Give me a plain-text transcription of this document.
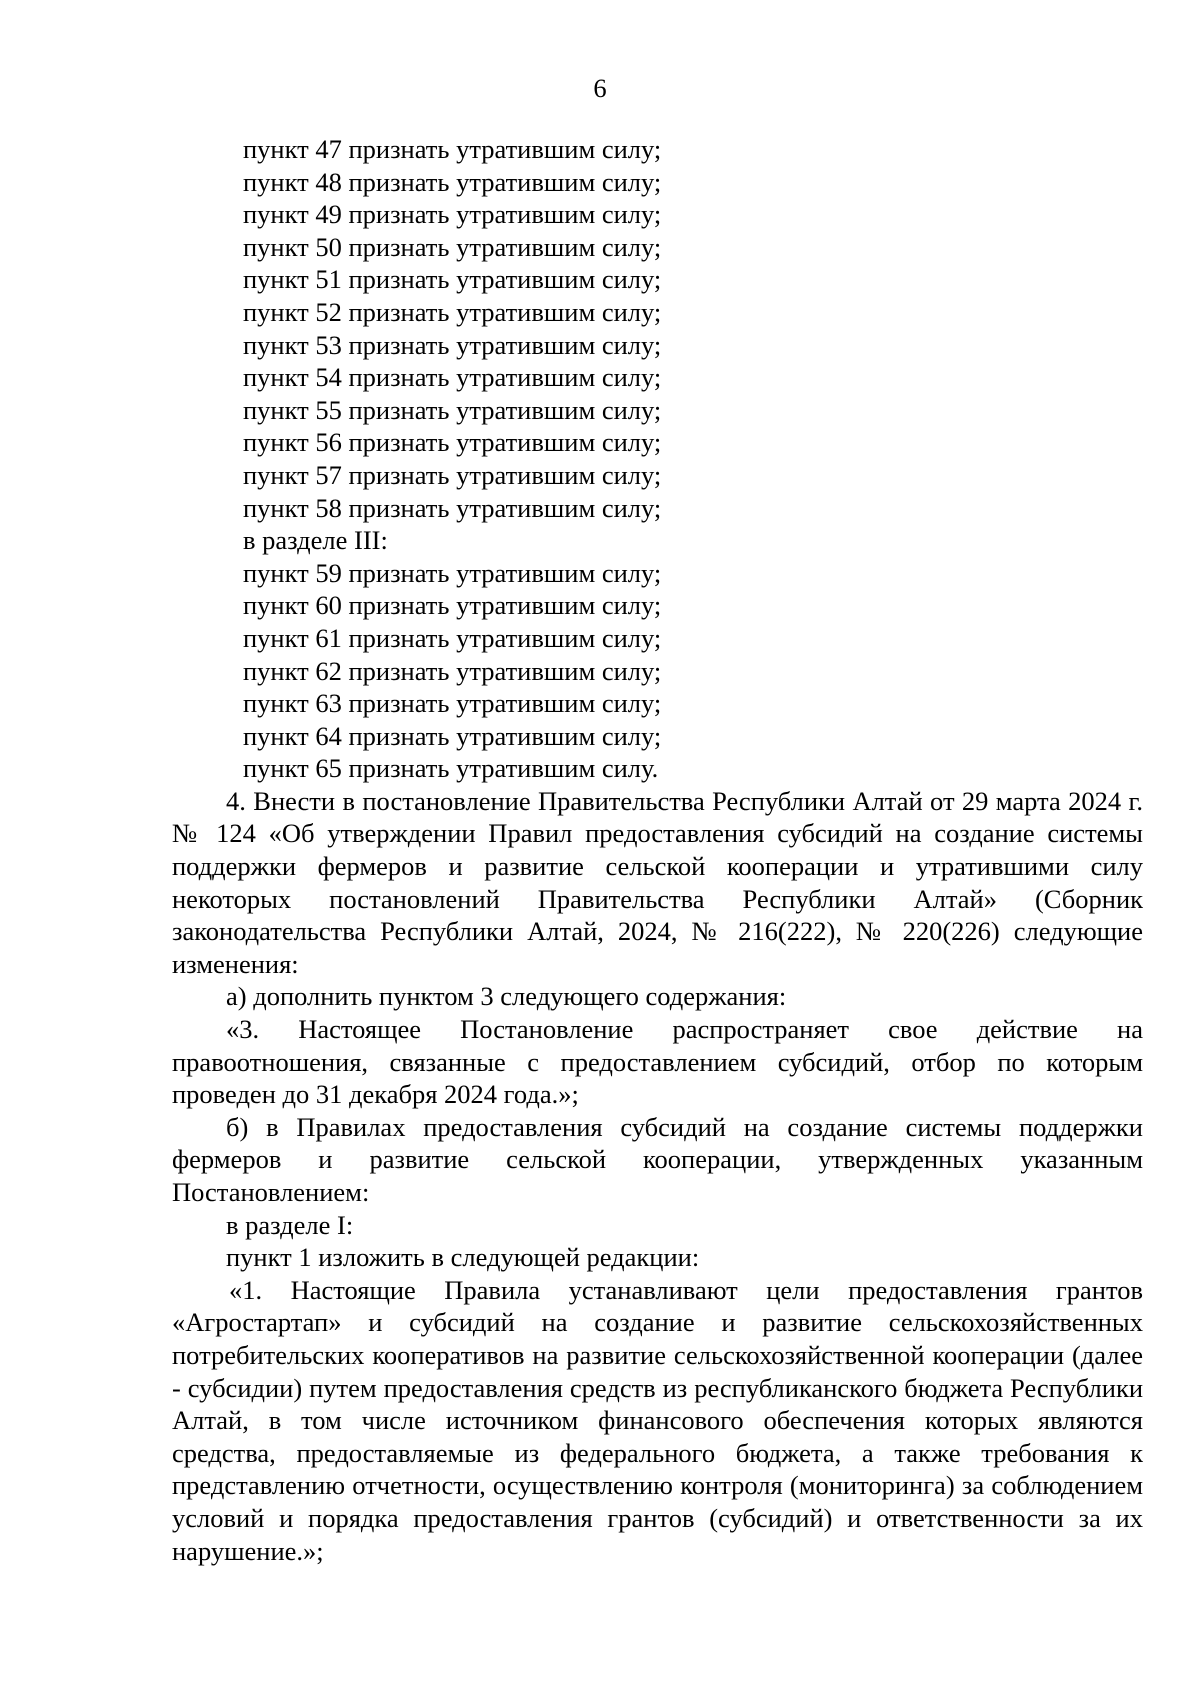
6

пункт 47 признать утратившим силу;

пункт 48 признать утратившим силу;

пункт 49 признать утратившим силу;

пункт 50 признать утратившим силу;

пункт 51 признать утратившим силу;

пункт 52 признать утратившим силу;

пункт 53 признать утратившим силу;

пункт 54 признать утратившим силу;

пункт 55 признать утратившим силу;

пункт 56 признать утратившим силу;

пункт 57 признать утратившим силу;

пункт 58 признать утратившим силу;

в разделе III:

пункт 59 признать утратившим силу;

пункт 60 признать утратившим силу;

пункт 61 признать утратившим силу;

пункт 62 признать утратившим силу;

пункт 63 признать утратившим силу;

пункт 64 признать утратившим силу;

пункт 65 признать утратившим силу.

4. Внести в постановление Правительства Республики Алтай от 29 марта 2024 г. № 124 «Об утверждении Правил предоставления субсидий на создание системы поддержки фермеров и развитие сельской кооперации и утратившими силу некоторых постановлений Правительства Республики Алтай» (Сборник законодательства Республики Алтай, 2024, № 216(222), № 220(226) следующие изменения:

а) дополнить пунктом 3 следующего содержания:

«3. Настоящее Постановление распространяет свое действие на правоотношения, связанные с предоставлением субсидий, отбор по которым проведен до 31 декабря 2024 года.»;

б) в Правилах предоставления субсидий на создание системы поддержки фермеров и развитие сельской кооперации, утвержденных указанным Постановлением:

в разделе I:

пункт 1 изложить в следующей редакции:

«1. Настоящие Правила устанавливают цели предоставления грантов «Агростартап» и субсидий на создание и развитие сельскохозяйственных потребительских кооперативов на развитие сельскохозяйственной кооперации (далее - субсидии) путем предоставления средств из республиканского бюджета Республики Алтай, в том числе источником финансового обеспечения которых являются средства, предоставляемые из федерального бюджета, а также требования к представлению отчетности, осуществлению контроля (мониторинга) за соблюдением условий и порядка предоставления грантов (субсидий) и ответственности за их нарушение.»;
